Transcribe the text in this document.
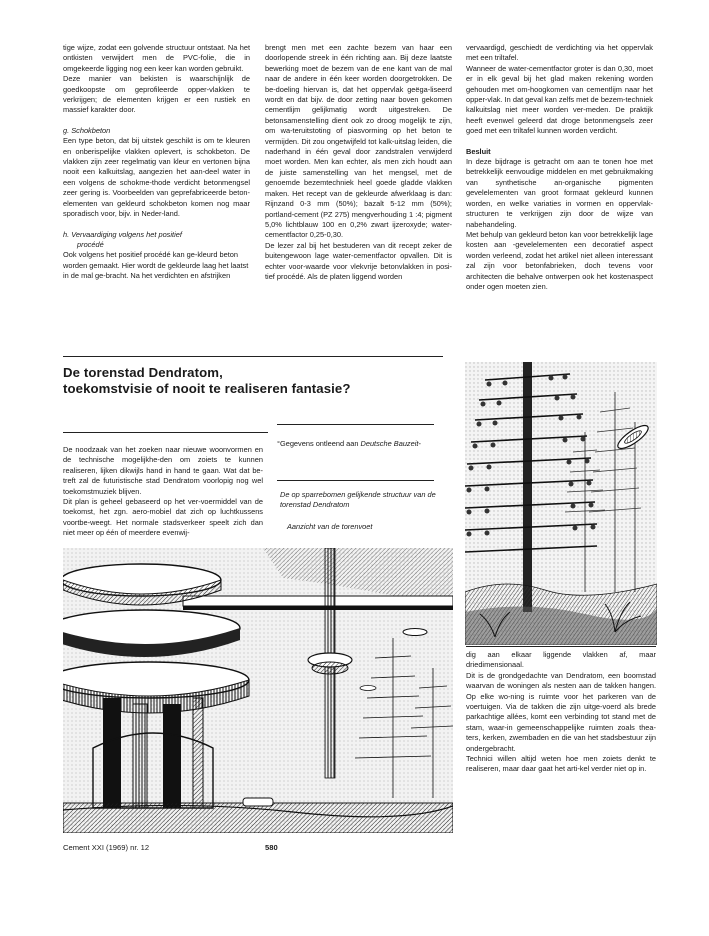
tige wijze, zodat een golvende structuur ontstaat. Na het ontkisten verwijdert men de PVC-folie, die in omgekeerde ligging nog een keer kan worden gebruikt.

Deze manier van bekisten is waarschijnlijk de goedkoopste om geprofileerde opper-vlakken te verkrijgen; de elementen krijgen er een rustiek en massief karakter door.

g. Schokbeton

Een type beton, dat bij uitstek geschikt is om te kleuren en onberispelijke vlakken oplevert, is schokbeton. De vlakken zijn zeer regelmatig van kleur en vertonen bijna nooit een kalkuitslag, aangezien het aan-deel water in een volgens de schokme-thode verdicht betonmengsel zeer gering is. Voorbeelden van geprefabriceerde beton-elementen van gekleurd schokbeton komen nog maar sporadisch voor, bijv. in Neder-land.

h. Vervaardiging volgens het positief

procédé

Ook volgens het positief procédé kan ge-kleurd beton worden gemaakt. Hier wordt de gekleurde laag het laatst in de mal ge-bracht. Na het verdichten en afstrijken

brengt men met een zachte bezem van haar een doorlopende streek in één richting aan. Bij deze laatste bewerking moet de bezem van de ene kant van de mal naar de andere in één keer worden doorgetrokken. De be-doeling hiervan is, dat het oppervlak geëga-liseerd wordt en dat bijv. de door zetting naar boven gekomen cementlijm gelijkmatig wordt uitgestreken. De betonsamenstelling dient ook zo droog mogelijk te zijn, om wa-teruitstoting of piasvorming op het beton te vermijden. Dit zou ongetwijfeld tot kalk-uitslag leiden, die naderhand in één geval door zandstralen verwijderd moet worden. Men kan echter, als men zich houdt aan de juiste samenstelling van het mengsel, met de genoemde bezemtechniek heel goede gladde vlakken maken. Het recept van de gekleurde afwerklaag is dan: Rijnzand 0-3 mm (50%); bazalt 5-12 mm (50%); portland-cement (PZ 275) mengverhouding 1 :4; pigment 5,0% lichtblauw 100 en 0,2% zwart ijzeroxyde; water-cementfactor 0,25-0,30.

De lezer zal bij het bestuderen van dit recept zeker de buitengewoon lage water-cementfactor opvallen. Dit is echter voor-waarde voor vlekvrije betonvlakken in posi-tief procédé. Als de platen liggend worden

vervaardigd, geschiedt de verdichting via het oppervlak met een triltafel.

Wanneer de water-cementfactor groter is dan 0,30, moet er in elk geval bij het glad maken rekening worden gehouden met om-hoogkomen van cementlijm naar het opper-vlak. In dat geval kan zelfs met de bezem-techniek kalkuitslag niet meer worden ver-meden. De praktijk heeft evenwel geleerd dat droge betonmengsels zeer goed met een triltafel kunnen worden verdicht.

Besluit

In deze bijdrage is getracht om aan te tonen hoe met betrekkelijk eenvoudige middelen en met gebruikmaking van synthetische an-organische pigmenten gevelelementen van groot formaat gekleurd kunnen worden, en welke variaties in vormen en oppervlak-structuren te verkrijgen zijn door de wijze van nabehandeling.

Met behulp van gekleurd beton kan voor betrekkelijk lage kosten aan -gevelelementen een decoratief aspect worden verleend, zodat het artikel niet alleen interessant zal zijn voor betonfabrieken, doch tevens voor architecten die behalve ontwerpen ook het kostenaspect onder ogen moeten zien.

De torenstad Dendratom,
toekomstvisie of nooit te realiseren fantasie?

De noodzaak van het zoeken naar nieuwe woonvormen en de technische mogelijkhe-den om zoiets te kunnen realiseren, lijken dikwijls hand in hand te gaan. Wat dat be-treft zal de futuristische stad Dendratom voorlopig nog wel toekomstmuziek blijven.

Dit plan is geheel gebaseerd op het ver-voermiddel van de toekomst, het zgn. aero-mobiel dat zich op luchtkussens voortbe-weegt. Het normale stadsverkeer speelt zich dan niet meer op één of meerdere evenwij-

°Gegevens ontleend aan Deutsche Bauzeit-
De op sparrebomen gelijkende structuur van de torenstad Dendratom
Aanzicht van de torenvoet

dig aan elkaar liggende vlakken af, maar driedimensionaal.

Dit is de grondgedachte van Dendratom, een boomstad waarvan de woningen als nesten aan de takken hangen. Op elke wo-ning is ruimte voor het parkeren van de voertuigen. Via de takken die zijn uitge-voerd als brede parkachtige allées, komt een verbinding tot stand met de stam, waar-in gemeenschappelijke ruimten zoals thea-ters, kerken, zwembaden en die van het stadsbestuur zijn ondergebracht.

Technici willen altijd weten hoe men zoiets denkt te realiseren, maar daar gaat het arti-kel verder niet op in.

Cement XXI (1969) nr. 12	580
